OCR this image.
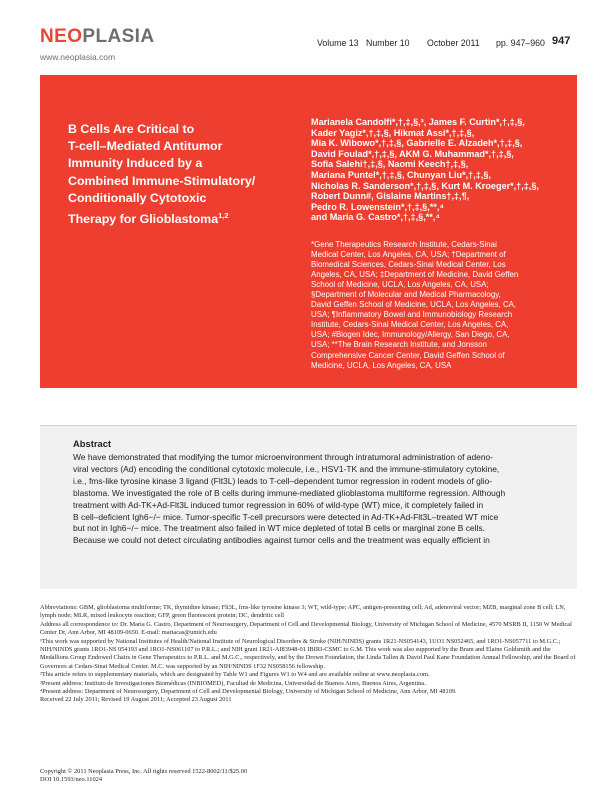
NEOPLASIA
www.neoplasia.com
Volume 13 Number 10 October 2011 pp. 947–960 947
B Cells Are Critical to
T-cell–Mediated Antitumor
Immunity Induced by a
Combined Immune-Stimulatory/
Conditionally Cytotoxic
Therapy for Glioblastoma$^{1,2}$
Marianela Candolfi*,†,‡,§,³, James F. Curtin*,†,‡,§,
Kader Yagiz*,†,‡,§, Hikmat Assi*,†,‡,§,
Mia K. Wibowo*,†,‡,§, Gabrielle E. Alzadeh*,†,‡,§,
David Foulad*,†,‡,§, AKM G. Muhammad*,†,‡,§,
Sofia Salehi†,‡,§, Naomi Keech†,‡,§,
Mariana Puntel*,†,‡,§, Chunyan Liu*,†,‡,§,
Nicholas R. Sanderson*,†,‡,§, Kurt M. Kroeger*,†,‡,§,
Robert Dunn#, Gislaine Martins†,‡,¶,
Pedro R. Lowenstein*,†,‡,§,**,⁴
and Maria G. Castro*,†,‡,§,**,⁴
*Gene Therapeutics Research Institute, Cedars-Sinai
Medical Center, Los Angeles, CA, USA; †Department of
Biomedical Sciences, Cedars-Sinai Medical Center, Los
Angeles, CA, USA; ‡Department of Medicine, David Geffen
School of Medicine, UCLA, Los Angeles, CA, USA;
§Department of Molecular and Medical Pharmacology,
David Geffen School of Medicine, UCLA, Los Angeles, CA,
USA; ¶Inflammatory Bowel and Immunobiology Research
Institute, Cedars-Sinai Medical Center, Los Angeles, CA,
USA; #Biogen Idec, Immunology/Allergy, San Diego, CA,
USA; **The Brain Research Institute, and Jonsson
Comprehensive Cancer Center, David Geffen School of
Medicine, UCLA, Los Angeles, CA, USA
Abstract
We have demonstrated that modifying the tumor microenvironment through intratumoral administration of adeno-
viral vectors (Ad) encoding the conditional cytotoxic molecule, i.e., HSV1-TK and the immune-stimulatory cytokine,
i.e., fms-like tyrosine kinase 3 ligand (Flt3L) leads to T-cell–dependent tumor regression in rodent models of glio-
blastoma. We investigated the role of B cells during immune-mediated glioblastoma multiforme regression. Although
treatment with Ad-TK+Ad-Flt3L induced tumor regression in 60% of wild-type (WT) mice, it completely failed in
B cell–deficient Igh6−/− mice. Tumor-specific T-cell precursors were detected in Ad-TK+Ad-Flt3L–treated WT mice
but not in Igh6−/− mice. The treatment also failed in WT mice depleted of total B cells or marginal zone B cells.
Because we could not detect circulating antibodies against tumor cells and the treatment was equally efficient in

Abbreviations: GBM, glioblastoma multiforme; TK, thymidine kinase; Flt3L, fms-like tyrosine kinase 3; WT, wild-type; APC, antigen-presenting cell; Ad, adenoviral vector; MZB, marginal zone B cell; LN, lymph node; MLR, mixed leukocyte reaction; GFP, green fluorescent protein; DC, dendritic cell

Address all correspondence to: Dr. Maria G. Castro, Department of Neurosurgery, Department of Cell and Developmental Biology, University of Michigan School of Medicine, 4570 MSRB II, 1150 W Medical Center Dr, Ann Arbor, MI 48109-0650. E-mail: mariacas@umich.edu

¹This work was supported by National Institutes of Health/National Institute of Neurological Disorders & Stroke (NIH/NINDS) grants 1R21-NS054143, 1UO1 NS052465, and 1RO1-NS057711 to M.G.C.; NIH/NINDS grants 1RO1-NS 054193 and 1RO1-NS061107 to P.R.L.; and NIH grant 1R21-AI83948-01 IBIRI-CSMC to G.M. This work was also supported by the Bram and Elaine Goldsmith and the Medallions Group Endowed Chairs in Gene Therapeutics to P.R.L. and M.G.C., respectively, and by the Drown Foundation, the Linda Tallen & David Paul Kane Foundation Annual Fellowship, and the Board of Governors at Cedars-Sinai Medical Center. M.C. was supported by an NIH/NINDS 1F32 NS058156 fellowship.

²This article refers to supplementary materials, which are designated by Table W1 and Figures W1 to W4 and are available online at www.neoplasia.com.

³Present address: Instituto de Investigaciones Biomédicas (INBIOMED), Facultad de Medicina, Universidad de Buenos Aires, Buenos Aires, Argentina.

⁴Present address: Department of Neurosurgery, Department of Cell and Developmental Biology, University of Michigan School of Medicine, Ann Arbor, MI 48109.

Received 22 July 2011; Revised 19 August 2011; Accepted 23 August 2011

Copyright © 2011 Neoplasia Press, Inc. All rights reserved 1522-8002/11/$25.00

DOI 10.1593/neo.11024
